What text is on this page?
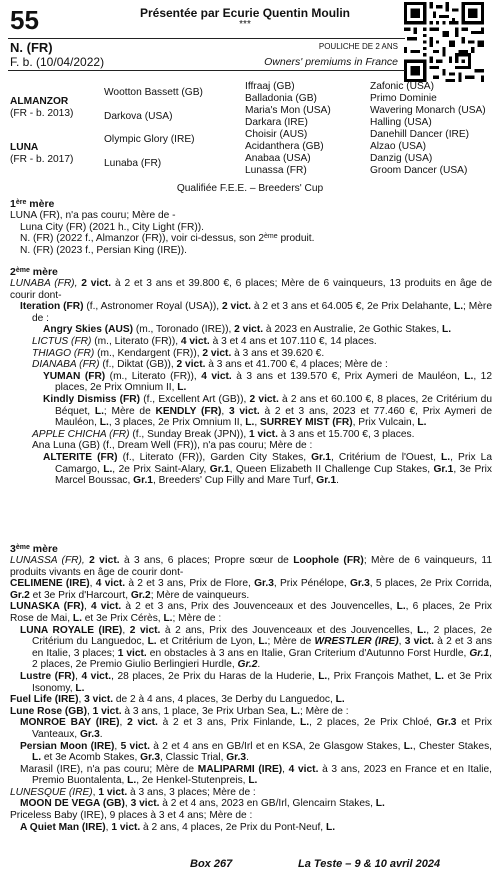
55	Présentée par Ecurie Quentin Moulin
***
N. (FR)
F. b. (10/04/2022)
POULICHE DE 2 ANS
Owners' premiums in France
ALMANZOR
(FR - b. 2013)
LUNA
(FR - b. 2017)
Wootton Bassett (GB)
Darkova (USA)
Olympic Glory (IRE)
Lunaba (FR)
Iffraaj (GB)
Balladonia (GB)
Maria's Mon (USA)
Darkara (IRE)
Choisir (AUS)
Acidanthera (GB)
Anabaa (USA)
Lunassa (FR)
Zafonic (USA)
Primo Dominie
Wavering Monarch (USA)
Halling (USA)
Danehill Dancer (IRE)
Alzao (USA)
Danzig (USA)
Groom Dancer (USA)
Qualifiée F.E.E. – Breeders' Cup
1ère mère
LUNA (FR), n'a pas couru; Mère de -
Luna City (FR) (2021 h., City Light (FR)).
N. (FR) (2022 f., Almanzor (FR)), voir ci-dessus, son 2ème produit.
N. (FR) (2023 f., Persian King (IRE)).
2ème mère
LUNABA (FR), 2 vict. à 2 et 3 ans et 39.800 €, 6 places; Mère de 6 vainqueurs, 13 produits en âge de courir dont-
Iteration (FR) (f., Astronomer Royal (USA)), 2 vict. à 2 et 3 ans et 64.005 €, 2e Prix Delahante, L.; Mère de :
Angry Skies (AUS) (m., Toronado (IRE)), 2 vict. à 2023 en Australie, 2e Gothic Stakes, L.
LICTUS (FR) (m., Literato (FR)), 4 vict. à 3 et 4 ans et 107.110 €, 14 places.
THIAGO (FR) (m., Kendargent (FR)), 2 vict. à 3 ans et 39.620 €.
DIANABA (FR) (f., Diktat (GB)), 2 vict. à 3 ans et 41.700 €, 4 places; Mère de :
YUMAN (FR) (m., Literato (FR)), 4 vict. à 3 ans et 139.570 €, Prix Aymeri de Mauléon, L., 12 places, 2e Prix Omnium II, L.
Kindly Dismiss (FR) (f., Excellent Art (GB)), 2 vict. à 2 ans et 60.100 €, 8 places, 2e Critérium du Béquet, L.; Mère de KENDLY (FR), 3 vict. à 2 et 3 ans, 2023 et 77.460 €, Prix Aymeri de Mauléon, L., 3 places, 2e Prix Omnium II, L., SURREY MIST (FR), Prix Vulcain, L.
APPLE CHICHA (FR) (f., Sunday Break (JPN)), 1 vict. à 3 ans et 15.700 €, 3 places.
Ana Luna (GB) (f., Dream Well (FR)), n'a pas couru; Mère de :
ALTERITE (FR) (f., Literato (FR)), Garden City Stakes, Gr.1, Critérium de l'Ouest, L., Prix La Camargo, L., 2e Prix Saint-Alary, Gr.1, Queen Elizabeth II Challenge Cup Stakes, Gr.1, 3e Prix Marcel Boussac, Gr.1, Breeders' Cup Filly and Mare Turf, Gr.1.
3ème mère
LUNASSA (FR), 2 vict. à 3 ans, 6 places; Propre sœur de Loophole (FR); Mère de 6 vainqueurs, 11 produits vivants en âge de courir dont-
CELIMENE (IRE), 4 vict. à 2 et 3 ans, Prix de Flore, Gr.3, Prix Pénélope, Gr.3, 5 places, 2e Prix Corrida, Gr.2 et 3e Prix d'Harcourt, Gr.2; Mère de vainqueurs.
LUNASKA (FR), 4 vict. à 2 et 3 ans, Prix des Jouvenceaux et des Jouvencelles, L., 6 places, 2e Prix Rose de Mai, L. et 3e Prix Cérès, L.; Mère de :
LUNA ROYALE (IRE), 2 vict. à 2 ans, Prix des Jouvenceaux et des Jouvencelles, L., 2 places, 2e Critérium du Languedoc, L. et Critérium de Lyon, L.; Mère de WRESTLER (IRE), 3 vict. à 2 et 3 ans en Italie, 3 places; 1 vict. en obstacles à 3 ans en Italie, Gran Criterium d'Autunno Forst Hurdle, Gr.1, 2 places, 2e Premio Giulio Berlingieri Hurdle, Gr.2.
Lustre (FR), 4 vict., 28 places, 2e Prix du Haras de la Huderie, L., Prix François Mathet, L. et 3e Prix Isonomy, L.
Fuel Life (IRE), 3 vict. de 2 à 4 ans, 4 places, 3e Derby du Languedoc, L.
Lune Rose (GB), 1 vict. à 3 ans, 1 place, 3e Prix Urban Sea, L.; Mère de :
MONROE BAY (IRE), 2 vict. à 2 et 3 ans, Prix Finlande, L., 2 places, 2e Prix Chloé, Gr.3 et Prix Vanteaux, Gr.3.
Persian Moon (IRE), 5 vict. à 2 et 4 ans en GB/Irl et en KSA, 2e Glasgow Stakes, L., Chester Stakes, L. et 3e Acomb Stakes, Gr.3, Classic Trial, Gr.3.
Marasil (IRE), n'a pas couru; Mère de MALIPARMI (IRE), 4 vict. à 3 ans, 2023 en France et en Italie, Premio Buontalenta, L., 2e Henkel-Stutenpreis, L.
LUNESQUE (IRE), 1 vict. à 3 ans, 3 places; Mère de :
MOON DE VEGA (GB), 3 vict. à 2 et 4 ans, 2023 en GB/Irl, Glencairn Stakes, L.
Priceless Baby (IRE), 9 places à 3 et 4 ans; Mère de :
A Quiet Man (IRE), 1 vict. à 2 ans, 4 places, 2e Prix du Pont-Neuf, L.
Box 267	La Teste – 9 & 10 avril 2024
